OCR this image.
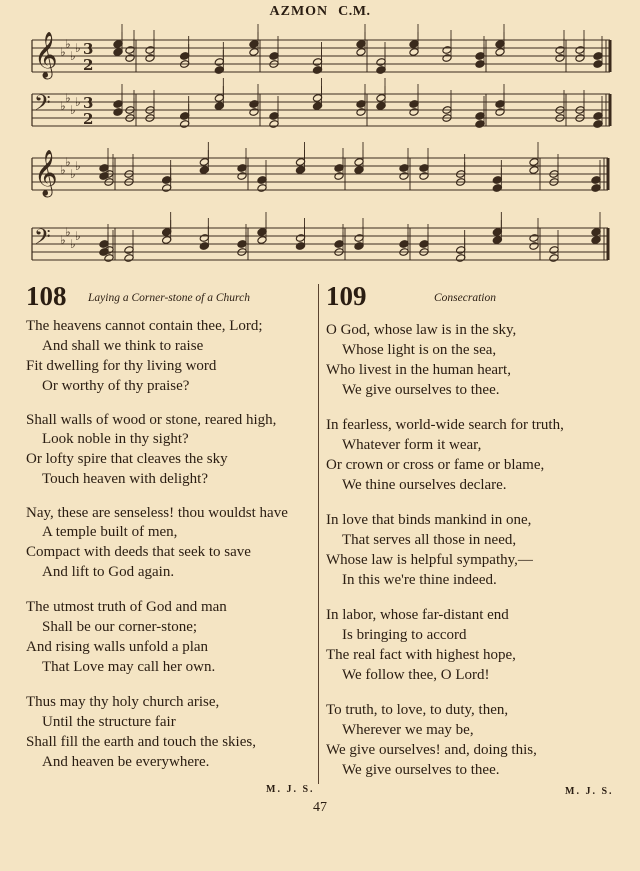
AZMON C.M.
𝄞 ♭
♭
♭
♭ 3
2
𝄢 ♭
♭
♭
♭ 3
2
𝄞 ♭
♭
♭
♭
𝄢 ♭
♭
♭
♭
108 Laying a Corner-stone of a Church
The heavens cannot contain thee, Lord;
And shall we think to raise
Fit dwelling for thy living word
Or worthy of thy praise?
Shall walls of wood or stone, reared high,
Look noble in thy sight?
Or lofty spire that cleaves the sky
Touch heaven with delight?
Nay, these are senseless! thou wouldst have
A temple built of men,
Compact with deeds that seek to save
And lift to God again.
The utmost truth of God and man
Shall be our corner-stone;
And rising walls unfold a plan
That Love may call her own.
Thus may thy holy church arise,
Until the structure fair
Shall fill the earth and touch the skies,
And heaven be everywhere.
109	Consecration
O God, whose law is in the sky,
Whose light is on the sea,
Who livest in the human heart,
We give ourselves to thee.
In fearless, world-wide search for truth,
Whatever form it wear,
Or crown or cross or fame or blame,
We thine ourselves declare.
In love that binds mankind in one,
That serves all those in need,
Whose law is helpful sympathy,—
In this we're thine indeed.
In labor, whose far-distant end
Is bringing to accord
The real fact with highest hope,
We follow thee, O Lord!
To truth, to love, to duty, then,
Wherever we may be,
We give ourselves! and, doing this,
We give ourselves to thee.
M. J. S.	M. J. S.
47
